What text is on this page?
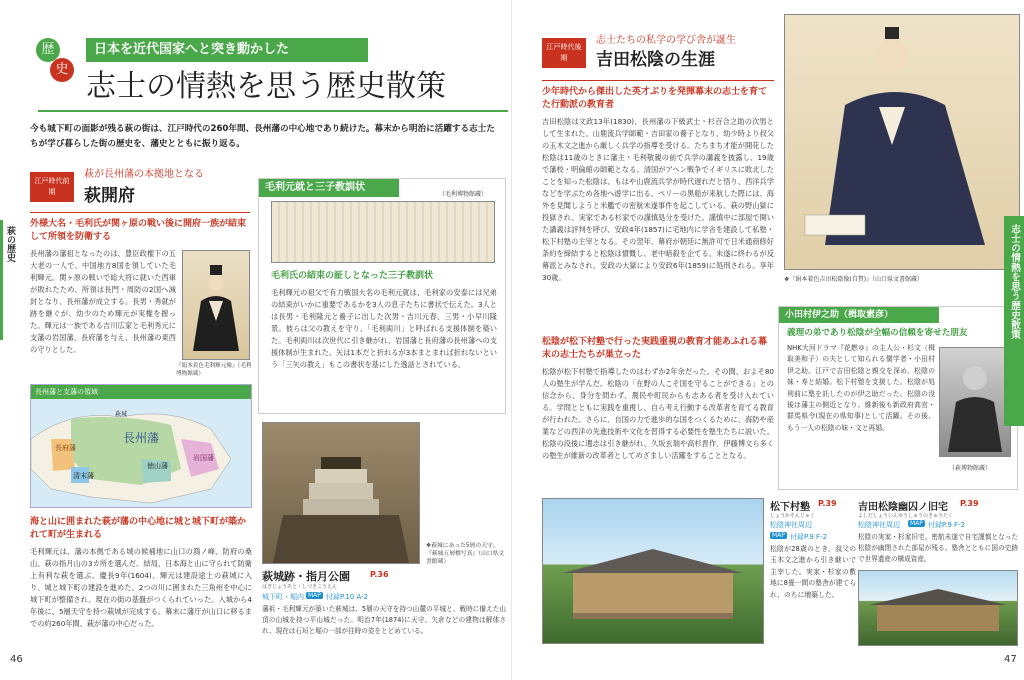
歴
史
日本を近代国家へと突き動かした
志士の情熱を思う歴史散策
今も城下町の面影が残る萩の街は、江戸時代の260年間、長州藩の中心地であり続けた。幕末から明治に活躍する志士たちが学び暮らした街の歴史を、藩史とともに振り返る。
江戸時代前期
萩が長州藩の本拠地となる
萩開府
外様大名・毛利氏が関ヶ原の戦い後に開府一族が結束して所領を防衛する
長州藩の藩祖となったのは、豊臣政権下の五大老の一人で、中国地方8国を領していた毛利輝元。関ヶ原の戦いで総大将に就いた西軍が敗れたため、所領は長門・周防の2国へ減封となり、長州藩が成立する。長男・秀就が跡を継ぐが、幼少のため輝元が実権を握った。輝元は一族である吉川広家と毛利秀元に支藩の岩国藩、長府藩を与え、長州藩の東西の守りとした。
『絹本着色毛利輝元像』（毛利博物館蔵）
長州藩と支藩の領域
萩城
長州藩
岩国藩
徳山藩
長府藩
清末藩
海と山に囲まれた萩が藩の中心地に城と城下町が築かれて町が生まれる
毛利輝元は、藩の本拠である城の候補地に山口の鴻ノ峰、防府の桑山、萩の指月山の3カ所を選んだ。結局、日本海と山に守られて防衛上有利な萩を選ぶ。慶長9年(1604)、輝元は建設途上の萩城に入り、城と城下町の建設を進めた。2つの川に囲まれた三角州を中心に城下町が整備され、現在の街の基盤がつくられていった。入城から4年後に、5層天守を持つ萩城が完成する。幕末に藩庁が山口に移るまでの約260年間、萩が藩の中心だった。
毛利元就と三子教訓状
（毛利博物館蔵）
毛利氏の結束の証しとなった三子教訓状
毛利輝元の祖父で有力戦国大名の毛利元就は、毛利家の安泰には兄弟の結束がいかに重要であるかを3人の息子たちに書状で伝えた。3人とは長男・毛利隆元と養子に出した次男・吉川元春、三男・小早川隆景。彼らは父の教えを守り、「毛利両川」と呼ばれる支援体制を築いた。毛利両川は次世代に引き継がれ、岩国藩と長府藩の長州藩への支援体制が生まれた。矢は1本だと折れるが3本まとまれば折れないという「三矢の教え」もこの書状を基にした逸話とされている。
❖萩城にあった5層の天守。『萩城五層櫓写真』（山口県文書館蔵）
萩城跡・指月公園
はぎじょうあと・しづきこうえん
P.36
城下町・堀内 MAP 付録P.10 A-2
藩祖・毛利輝元が築いた萩城は、5層の天守を持つ山麓の平城と、戦時に備えた山頂の山城を持つ平山城だった。明治7年(1874)に天守、矢倉などの建物は解体され、現在は石垣と堀の一部が往時の姿をとどめている。
萩の歴史
46
江戸時代後期
志士たちの私学の学び舎が誕生
吉田松陰の生涯
少年時代から傑出した英才ぶりを発揮幕末の志士を育てた行動派の教育者
吉田松陰は文政13年(1830)、長州藩の下級武士・杉百合之助の次男として生まれた。山鹿流兵学師範・吉田家の養子となり、幼少時より叔父の玉木文之進から厳しく兵学の指導を受ける。たちまち才能が開花した松陰は11歳のときに藩主・毛利敬親の前で兵学の講義を披露し、19歳で藩校・明倫館の師範となる。清国がアヘン戦争でイギリスに敗北したことを知った松陰は、もはや山鹿流兵学が時代遅れだと悟り、西洋兵学などを学ぶため各地へ遊学に出る。ペリーの黒船が来航した際には、海外を見聞しようと米艦での密航未遂事件を起こしている。萩の野山獄に投獄され、実家である杉家での謹慎処分を受けた。謹慎中に部屋で開いた講義は評判を呼び、安政4年(1857)に宅地内に学舎を建設して私塾・松下村塾の主宰となる。その翌年、幕府が朝廷に無許可で日米通商修好条約を締結すると松陰は憤慨し、老中暗殺を企てる。未遂に終わるが反幕派とみなされ、安政の大獄により安政6年(1859)に処刑される。享年30歳。	❖『絹本着色吉田松陰像(自賛)』（山口県文書館蔵）
松陰が松下村塾で行った実践重視の教育才能あふれる幕末の志士たちが巣立った
松陰が松下村塾で指導したのはわずか2年余だった。その間、およそ80人の塾生が学んだ。松陰の「在野の人こそ国を守ることができる」との信念から、身分を問わず、農民や町民からも志ある者を受け入れている。学問とともに実践を重視し、自ら考え行動する改革者を育てる教育が行われた。さらに、自国の力で進歩的な国をつくるために、海防や産業などの西洋の先進技術や文化を習得する必要性を塾生たちに説いた。松陰の没後に遺志は引き継がれ、久坂玄瑞や高杉晋作、伊藤博文ら多くの塾生が維新の改革者としてめざましい活躍をすることとなる。
小田村伊之助（楫取素彦）
義理の弟であり松陰が全幅の信頼を寄せた朋友
NHK大河ドラマ『花燃ゆ』の主人公・杉文（楫取美和子）の夫として知られる儒学者・小田村伊之助。江戸で吉田松陰と親交を深め、松陰の妹・寿と結婚。松下村塾を支援した。松陰が処刑前に塾を託したのが伊之助だった。松陰の没後は藩主の側近となり、維新後も新政府高官・群馬県令(現在の県知事)として活躍。その後、もう一人の松陰の妹・文と再婚。
（萩博物館蔵）
松下村塾 P.39
しょうかそんじゅく
松陰神社周辺
MAP 付録P.9 F-2
松陰が28歳のとき、叔父の玉木文之進から引き継いで主宰した。実家・杉家の敷地に8畳一間の塾舎が建てられ、のちに増築した。
吉田松陰幽囚ノ旧宅 P.39
よしだしょういんゆうしゅうのきゅうたく
松陰神社周辺	MAP 付録P.9 F-2
松陰の実家・杉家旧宅。密航未遂で自宅謹慎となった松陰が幽閉された部屋が残る。塾舎とともに国の史跡で世界遺産の構成資産。
志士の情熱を思う歴史散策
47
